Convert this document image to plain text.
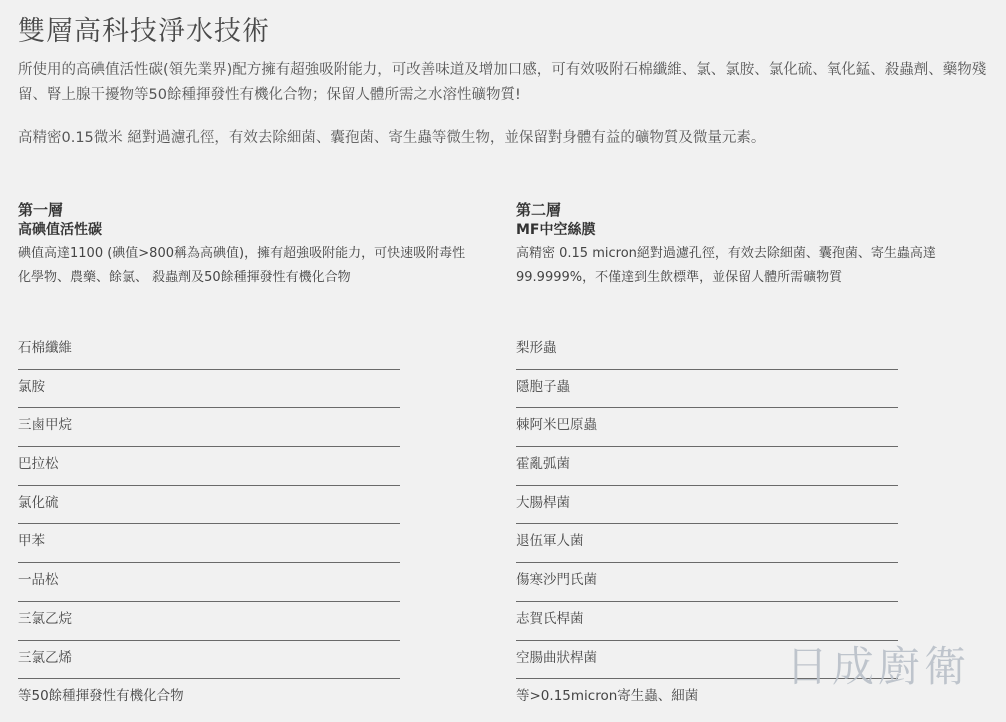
雙層高科技淨水技術

所使用的高碘值活性碳(領先業界)配方擁有超強吸附能力，可改善味道及增加口感，可有效吸附石棉纖維、氯、氯胺、氯化硫、氧化錳、殺蟲劑、藥物殘留、腎上腺干擾物等50餘種揮發性有機化合物；保留人體所需之水溶性礦物質!

高精密0.15微米 絕對過濾孔徑，有效去除細菌、囊孢菌、寄生蟲等微生物，並保留對身體有益的礦物質及微量元素。

第一層

高碘值活性碳

碘值高達1100 (碘值>800稱為高碘值)，擁有超強吸附能力，可快速吸附毒性化學物、農藥、餘氯、 殺蟲劑及50餘種揮發性有機化合物

第二層

MF中空絲膜

高精密 0.15 micron絕對過濾孔徑，有效去除細菌、囊孢菌、寄生蟲高達99.9999%，不僅達到生飲標準，並保留人體所需礦物質

石棉纖維
氯胺
三鹵甲烷
巴拉松
氯化硫
甲苯
一品松
三氯乙烷
三氯乙烯
等50餘種揮發性有機化合物
梨形蟲
隱胞子蟲
棘阿米巴原蟲
霍亂弧菌
大腸桿菌
退伍軍人菌
傷寒沙門氏菌
志賀氏桿菌
空腸曲狀桿菌
等>0.15micron寄生蟲、細菌
日成廚衛
